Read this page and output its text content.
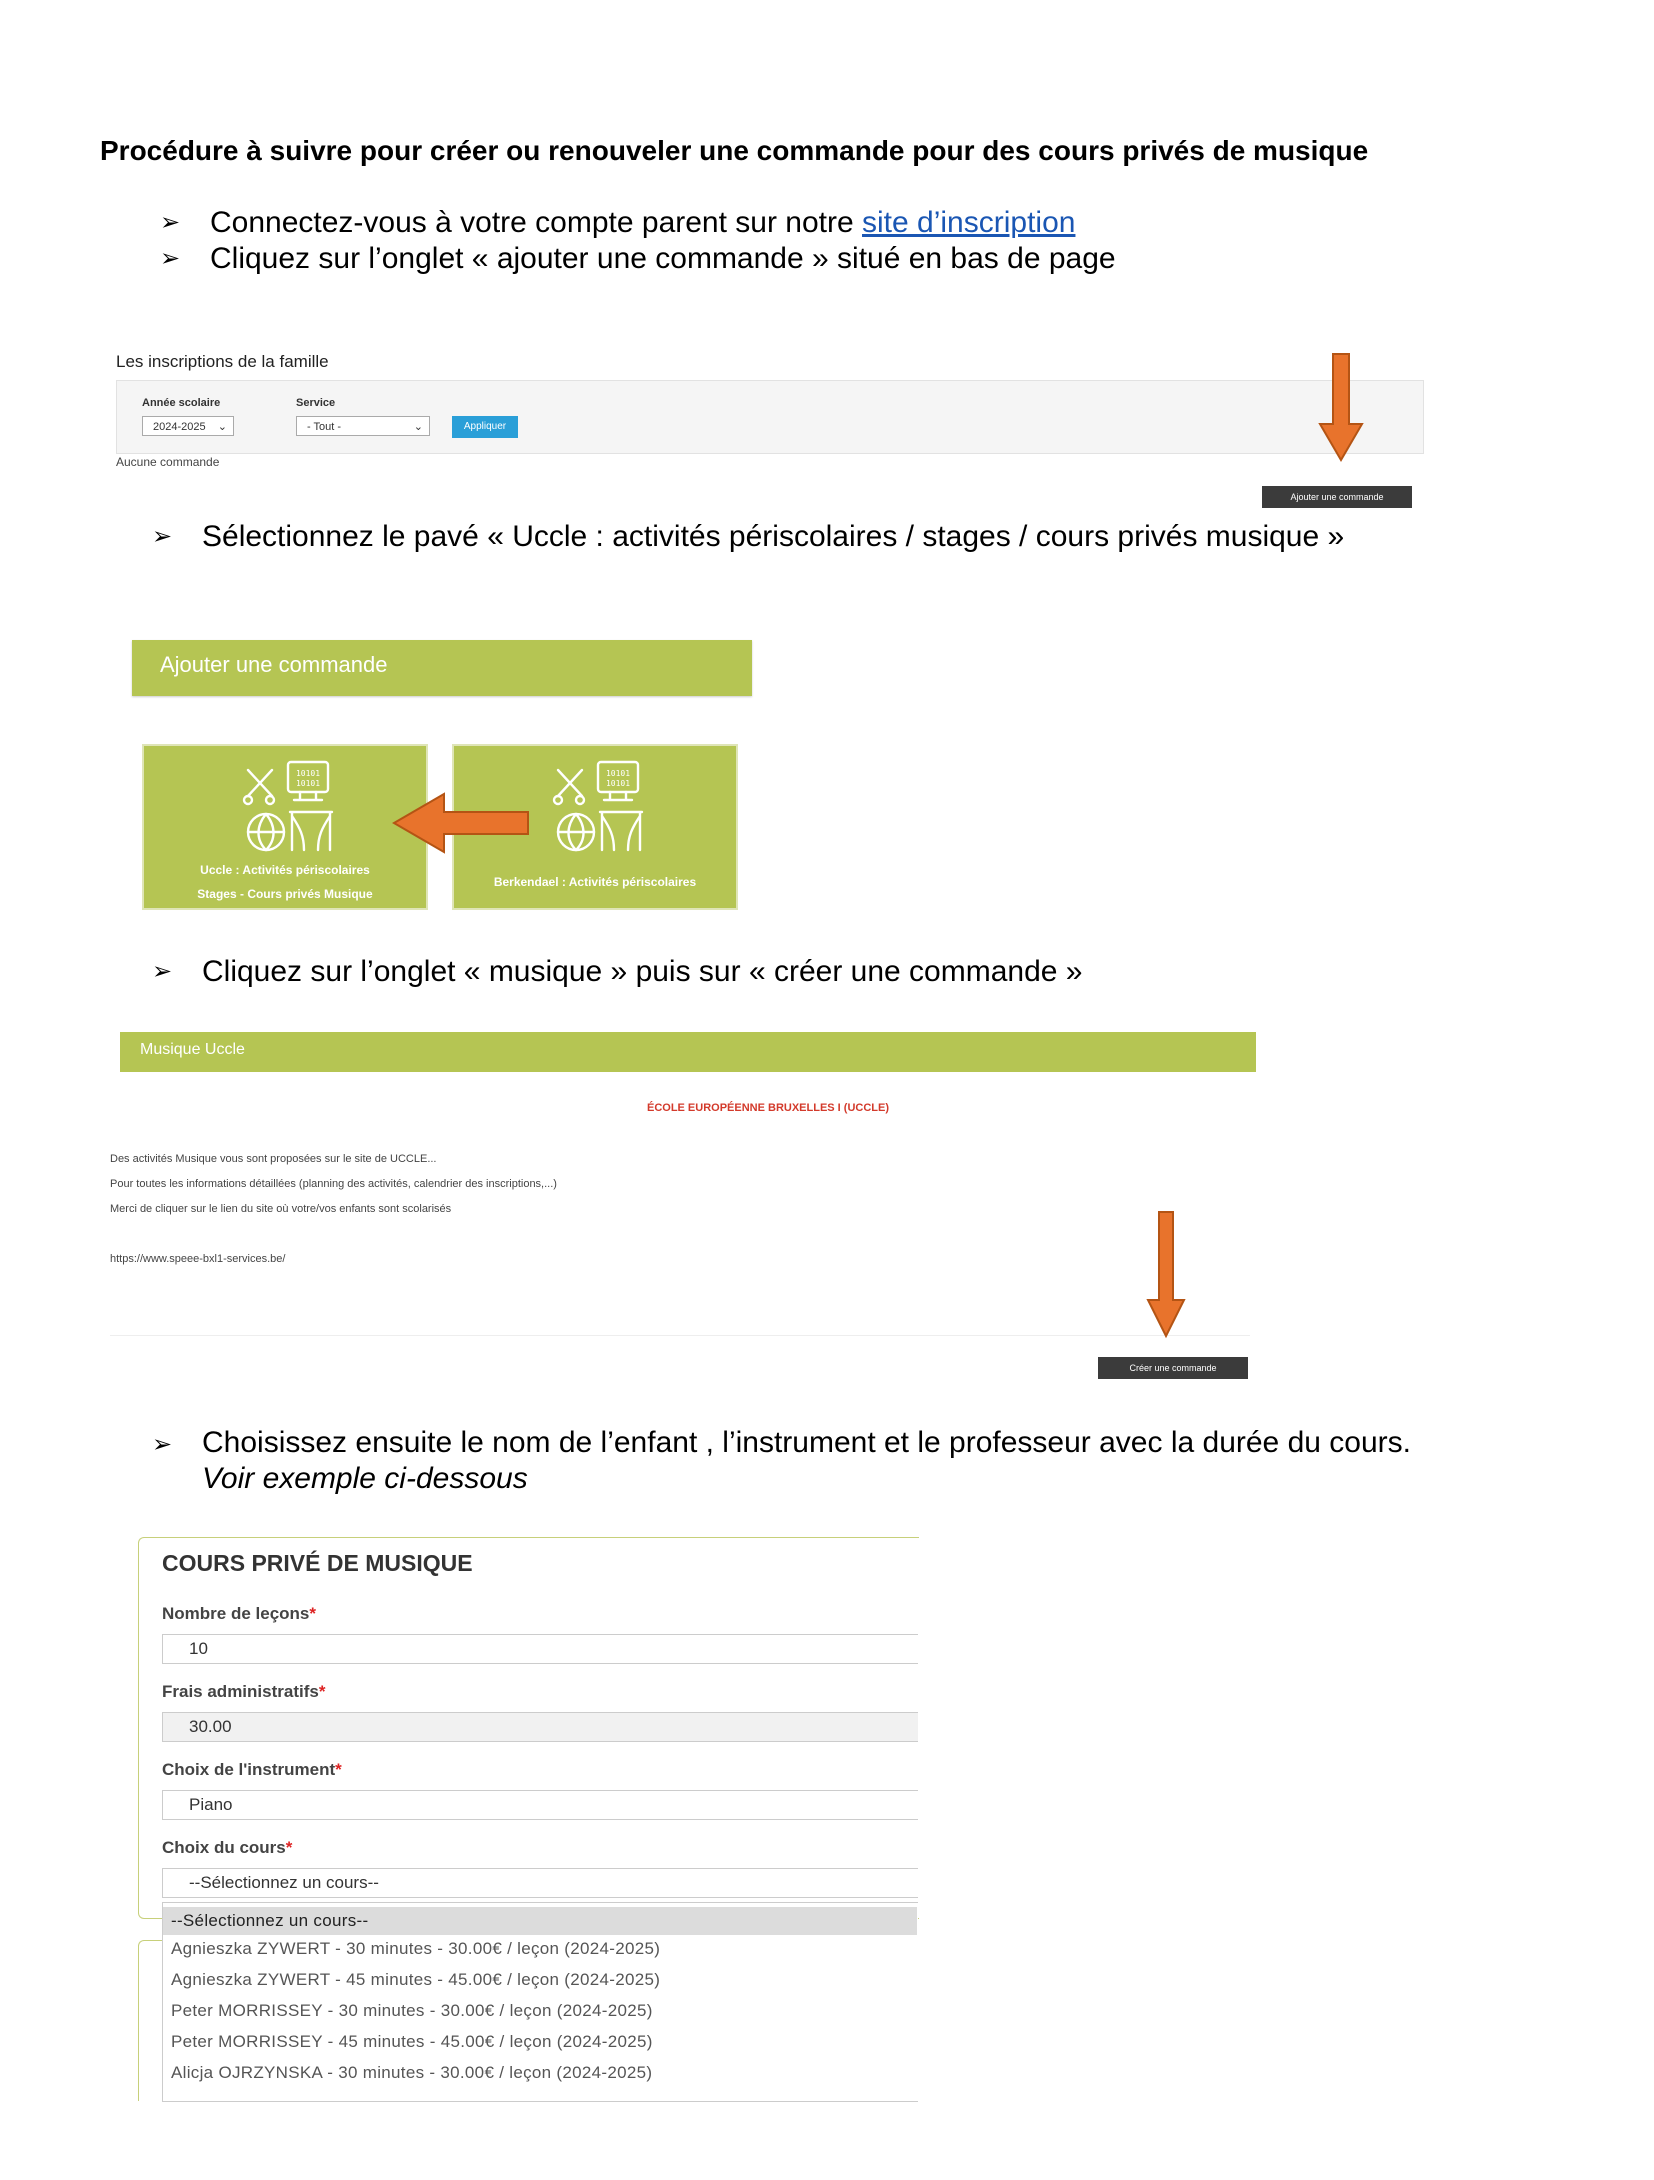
Procédure à suivre pour créer ou renouveler une commande pour des cours privés de musique
➢ Connectez-vous à votre compte parent sur notre site d’inscription
➢ Cliquez sur l’onglet « ajouter une commande » situé en bas de page
Les inscriptions de la famille
Année scolaire
2024-2025 ⌄
Service
- Tout -	⌄	Appliquer
Aucune commande
Ajouter une commande
➢ Sélectionnez le pavé « Uccle : activités périscolaires / stages / cours privés musique »
Ajouter une commande
10101
10101
Uccle : Activités périscolaires
Stages - Cours privés Musique
10101
10101
Berkendael : Activités périscolaires
➢ Cliquez sur l’onglet « musique » puis sur « créer une commande »
Musique Uccle
ÉCOLE EUROPÉENNE BRUXELLES I (UCCLE)
Des activités Musique vous sont proposées sur le site de UCCLE...
Pour toutes les informations détaillées (planning des activités, calendrier des inscriptions,...)
Merci de cliquer sur le lien du site où votre/vos enfants sont scolarisés
https://www.speee-bxl1-services.be/
Créer une commande
➢ Choisissez ensuite le nom de l’enfant , l’instrument et le professeur avec la durée du cours. Voir exemple ci-dessous
COURS PRIVÉ DE MUSIQUE
Nombre de leçons*
10
Frais administratifs*
30.00
Choix de l'instrument*
Piano
Choix du cours*
--Sélectionnez un cours--
--Sélectionnez un cours--
Agnieszka ZYWERT - 30 minutes - 30.00€ / leçon (2024-2025)
Agnieszka ZYWERT - 45 minutes - 45.00€ / leçon (2024-2025)
Peter MORRISSEY - 30 minutes - 30.00€ / leçon (2024-2025)
Peter MORRISSEY - 45 minutes - 45.00€ / leçon (2024-2025)
Alicja OJRZYNSKA - 30 minutes - 30.00€ / leçon (2024-2025)
